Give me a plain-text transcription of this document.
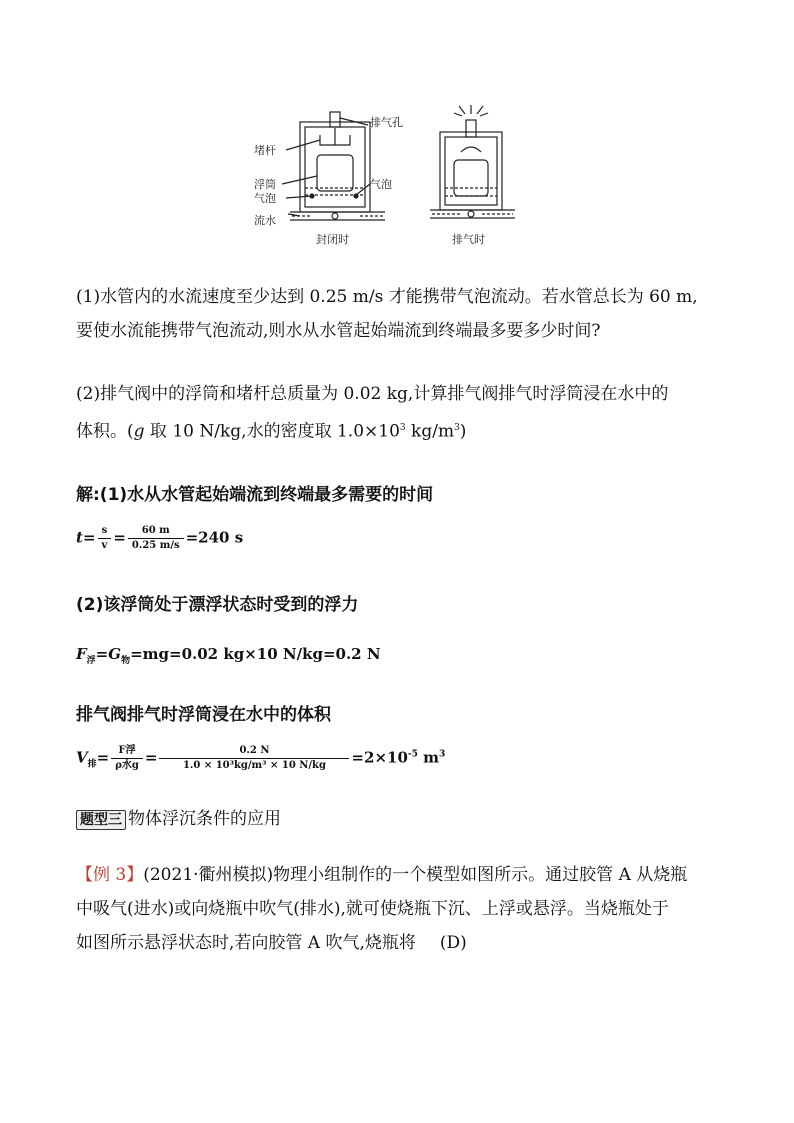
堵杆
排气孔
浮筒
气泡
气泡
流水
封闭时	排气时
(1)水管内的水流速度至少达到 0.25 m/s 才能携带气泡流动。若水管总长为 60 m,
要使水流能携带气泡流动,则水从水管起始端流到终端最多要多少时间?
(2)排气阀中的浮筒和堵杆总质量为 0.02 kg,计算排气阀排气时浮筒浸在水中的
体积。(g 取 10 N/kg,水的密度取 $1.0\times 10^3$ $kg/m^3$)
解:(1)水从水管起始端流到终端最多需要的时间
$t= \frac{s}{v} = \frac{60 m}{0.25 m/s} =240$ s
(2)该浮筒处于漂浮状态时受到的浮力
$F_浮=G_物=mg=0.02$ kg×10 N/kg=0.2 N
排气阀排气时浮筒浸在水中的体积
$V_排= \frac{\text{F浮}}{\text{ρ水g}} = \frac{0.2 N}{\text{1.0 × 10³kg/m³ × 10 N/kg}} =2\times 10^{-5}$ $m^3$
题型三 物体浮沉条件的应用
【例 3】(2021·衢州模拟)物理小组制作的一个模型如图所示。通过胶管 A 从烧瓶
中吸气(进水)或向烧瓶中吹气(排水),就可使烧瓶下沉、上浮或悬浮。当烧瓶处于
如图所示悬浮状态时,若向胶管 A 吹气,烧瓶将 (D)
